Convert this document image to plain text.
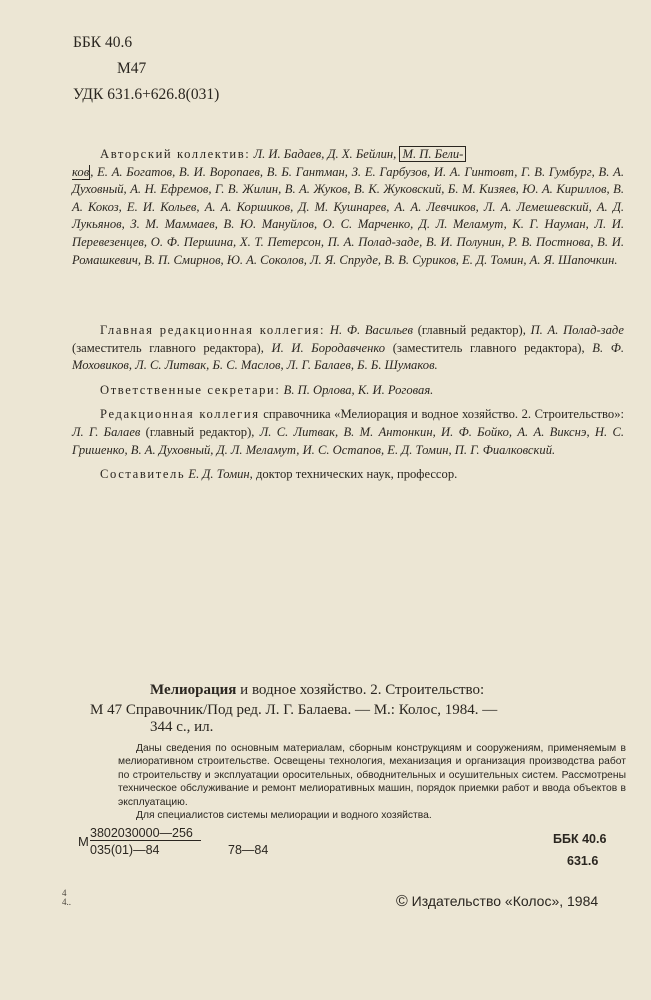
ББК 40.6
М47
УДК 631.6+626.8(031)

Авторский коллектив: Л. И. Бадаев, Д. Х. Бейлин, М. П. Бели-
ков, Е. А. Богатов, В. И. Воропаев, В. Б. Гантман, З. Е. Гарбузов, И. А. Гинтовт, Г. В. Гумбург, В. А. Духовный, А. Н. Ефремов, Г. В. Жилин, В. А. Жуков, В. К. Жуковский, Б. М. Кизяев, Ю. А. Кириллов, В. А. Кокоз, Е. И. Кольев, А. А. Коршиков, Д. М. Кушнарев, А. А. Левчиков, Л. А. Лемешевский, А. Д. Лукьянов, З. М. Маммаев, В. Ю. Мануйлов, О. С. Марченко, Д. Л. Меламут, К. Г. Науман, Л. И. Перевезенцев, О. Ф. Першина, Х. Т. Петерсон, П. А. Полад-заде, В. И. Полунин, Р. В. Постнова, В. И. Ромашкевич, В. П. Смирнов, Ю. А. Соколов, Л. Я. Спруде, В. В. Суриков, Е. Д. Томин, А. Я. Шапочкин.

Главная редакционная коллегия: Н. Ф. Васильев (главный редактор), П. А. Полад-заде (заместитель главного редактора), И. И. Бородавченко (заместитель главного редактора), В. Ф. Моховиков, Л. С. Литвак, Б. С. Маслов, Л. Г. Балаев, Б. Б. Шумаков.

Ответственные секретари: В. П. Орлова, К. И. Роговая.

Редакционная коллегия справочника «Мелиорация и водное хозяйство. 2. Строительство»: Л. Г. Балаев (главный редактор), Л. С. Литвак, В. М. Антонкин, И. Ф. Бойко, А. А. Викснэ, Н. С. Гришенко, В. А. Духовный, Д. Л. Меламут, И. С. Остапов, Е. Д. Томин, П. Г. Фиалковский.

Составитель Е. Д. Томин, доктор технических наук, профессор.

Мелиорация и водное хозяйство. 2. Строительство:
М 47 Справочник/Под ред. Л. Г. Балаева. — М.: Колос, 1984. —
344 с., ил.

Даны сведения по основным материалам, сборным конструкциям и сооружениям, применяемым в мелиоративном строительстве. Освещены технология, механизация и организация производства работ по строительству и эксплуатации оросительных, обводнительных и осушительных систем. Рассмотрены техническое обслуживание и ремонт мелиоративных машин, порядок приемки работ и ввода объектов в эксплуатацию.

Для специалистов системы мелиорации и водного хозяйства.

М
3802030000—256
035(01)—84	78—84
ББК 40.6
631.6
4
4..	© Издательство «Колос», 1984
